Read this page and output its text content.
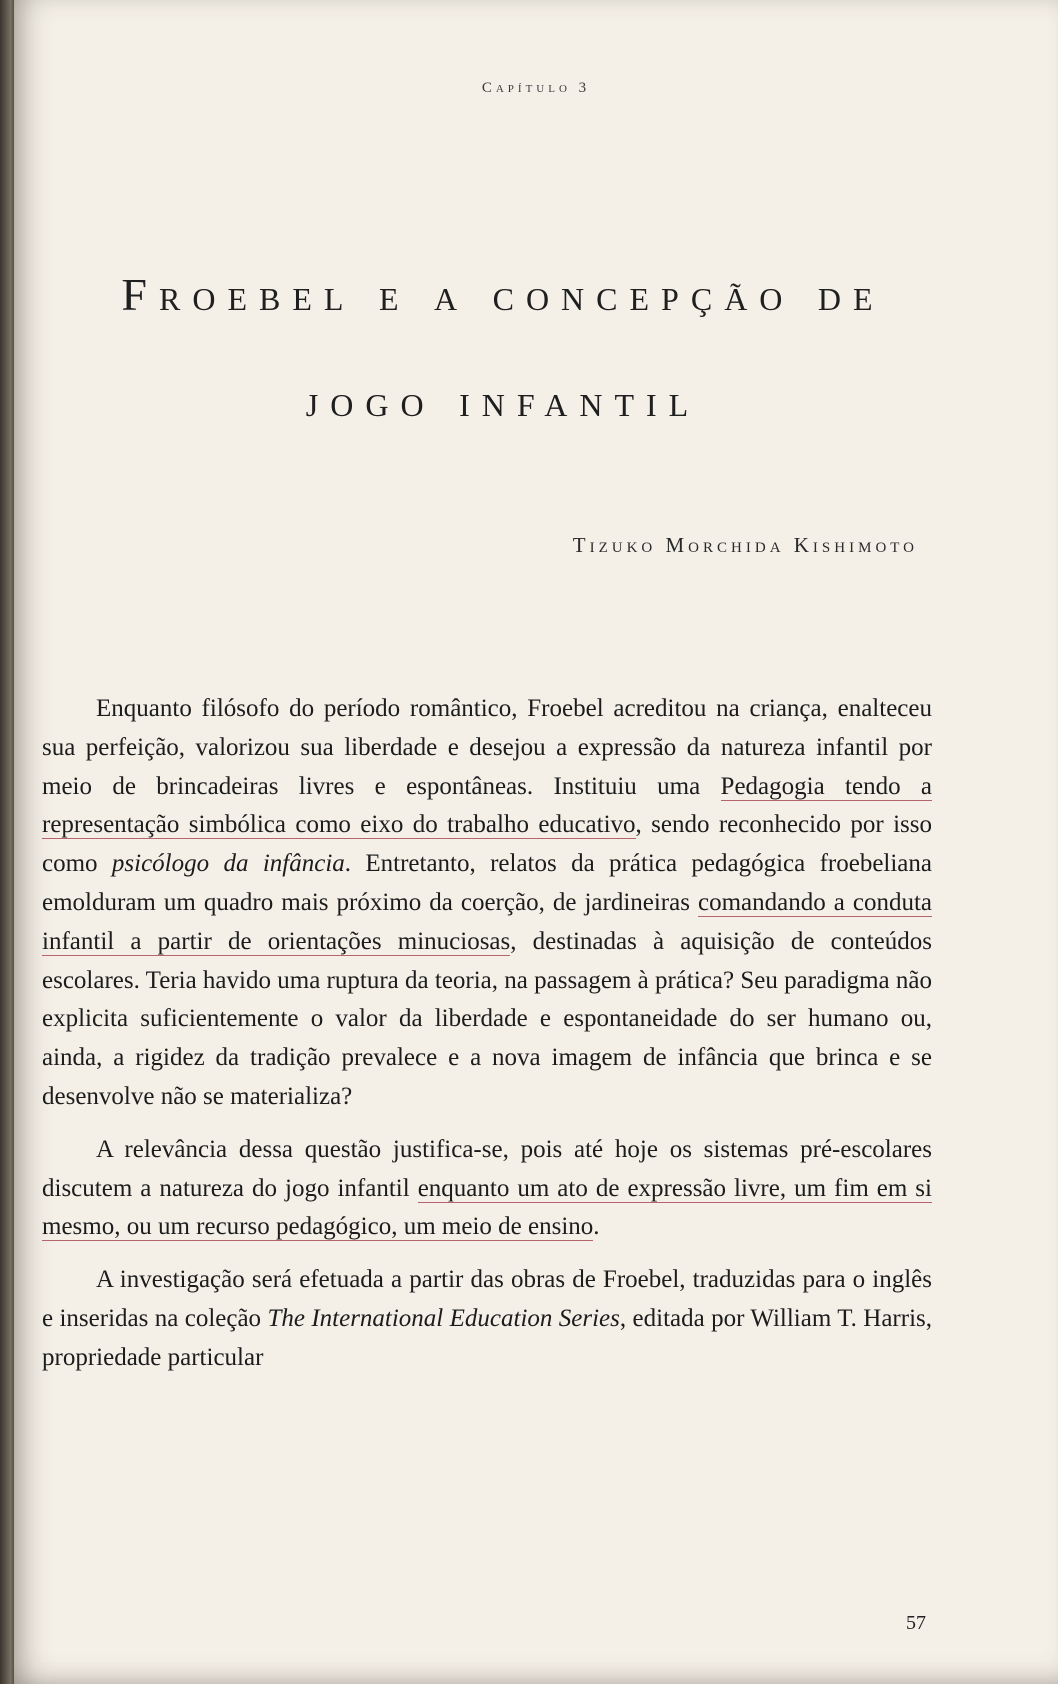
Capítulo 3
Froebel e a concepção de
jogo infantil
Tizuko Morchida Kishimoto

Enquanto filósofo do período romântico, Froebel acreditou na criança, enalteceu sua perfeição, valorizou sua liberdade e desejou a expressão da natureza infantil por meio de brincadeiras livres e espontâneas. Instituiu uma Pedagogia tendo a representação simbólica como eixo do trabalho educativo, sendo reconhecido por isso como psicólogo da infância. Entretanto, relatos da prática pedagógica froebeliana emolduram um quadro mais próximo da coerção, de jardineiras comandando a conduta infantil a partir de orientações minuciosas, destinadas à aquisição de conteúdos escolares. Teria havido uma ruptura da teoria, na passagem à prática? Seu paradigma não explicita suficientemente o valor da liberdade e espontaneidade do ser humano ou, ainda, a rigidez da tradição prevalece e a nova imagem de infância que brinca e se desenvolve não se materializa?

A relevância dessa questão justifica-se, pois até hoje os sistemas pré-escolares discutem a natureza do jogo infantil enquanto um ato de expressão livre, um fim em si mesmo, ou um recurso pedagógico, um meio de ensino.

A investigação será efetuada a partir das obras de Froebel, traduzidas para o inglês e inseridas na coleção The International Education Series, editada por William T. Harris, propriedade particular

57
